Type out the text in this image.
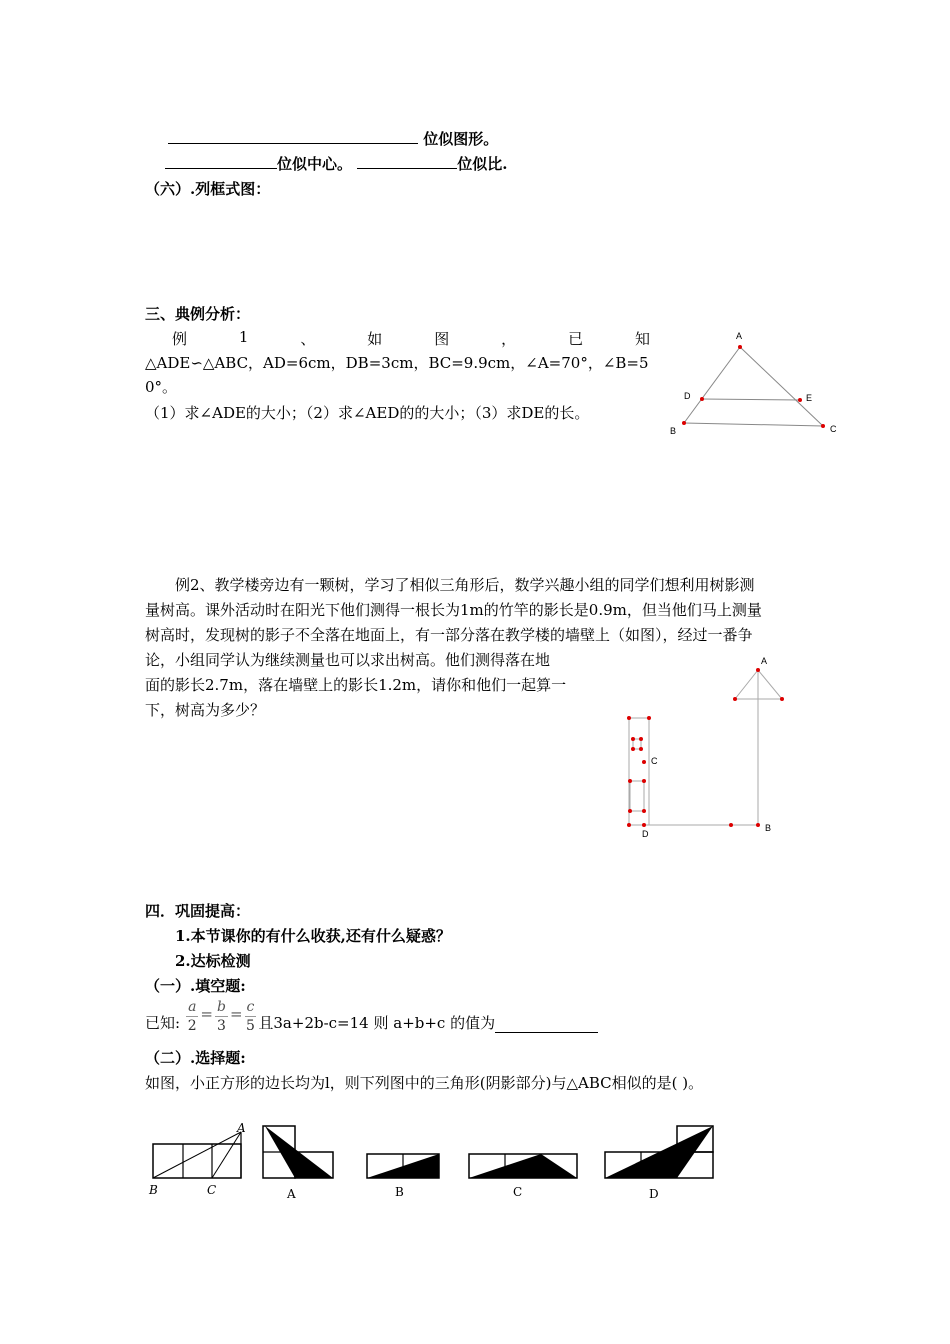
位似图形。
位似中心。	位似比.
（六）.列框式图：
三、典例分析：
例	1	、	如	图	，	已	知
△ADE∽△ABC，AD=6cm，DB=3cm，BC=9.9cm，∠A=70°，∠B=5
0°。
（1）求∠ADE的大小；（2）求∠AED的的大小；（3）求DE的长。
A
B	C
D	E
例2、教学楼旁边有一颗树，学习了相似三角形后，数学兴趣小组的同学们想利用树影测
量树高。课外活动时在阳光下他们测得一根长为1m的竹竿的影长是0.9m，但当他们马上测量
树高时，发现树的影子不全落在地面上，有一部分落在教学楼的墙壁上（如图），经过一番争
论，小组同学认为继续测量也可以求出树高。他们测得落在地
面的影长2.7m，落在墙壁上的影长1.2m，请你和他们一起算一
下，树高为多少？
A
B
C
D
四．巩固提高：
1.本节课你的有什么收获,还有什么疑惑？
2.达标检测
（一）.填空题:
已知: $\frac{a}{2} = \frac{b}{3} = \frac{c}{5}$ 且3a+2b-c=14 则 a+b+c 的值为
（二）.选择题:
如图，小正方形的边长均为l，则下列图中的三角形(阴影部分)与△ABC相似的是( )。
A
B	C	A	B	C	D
